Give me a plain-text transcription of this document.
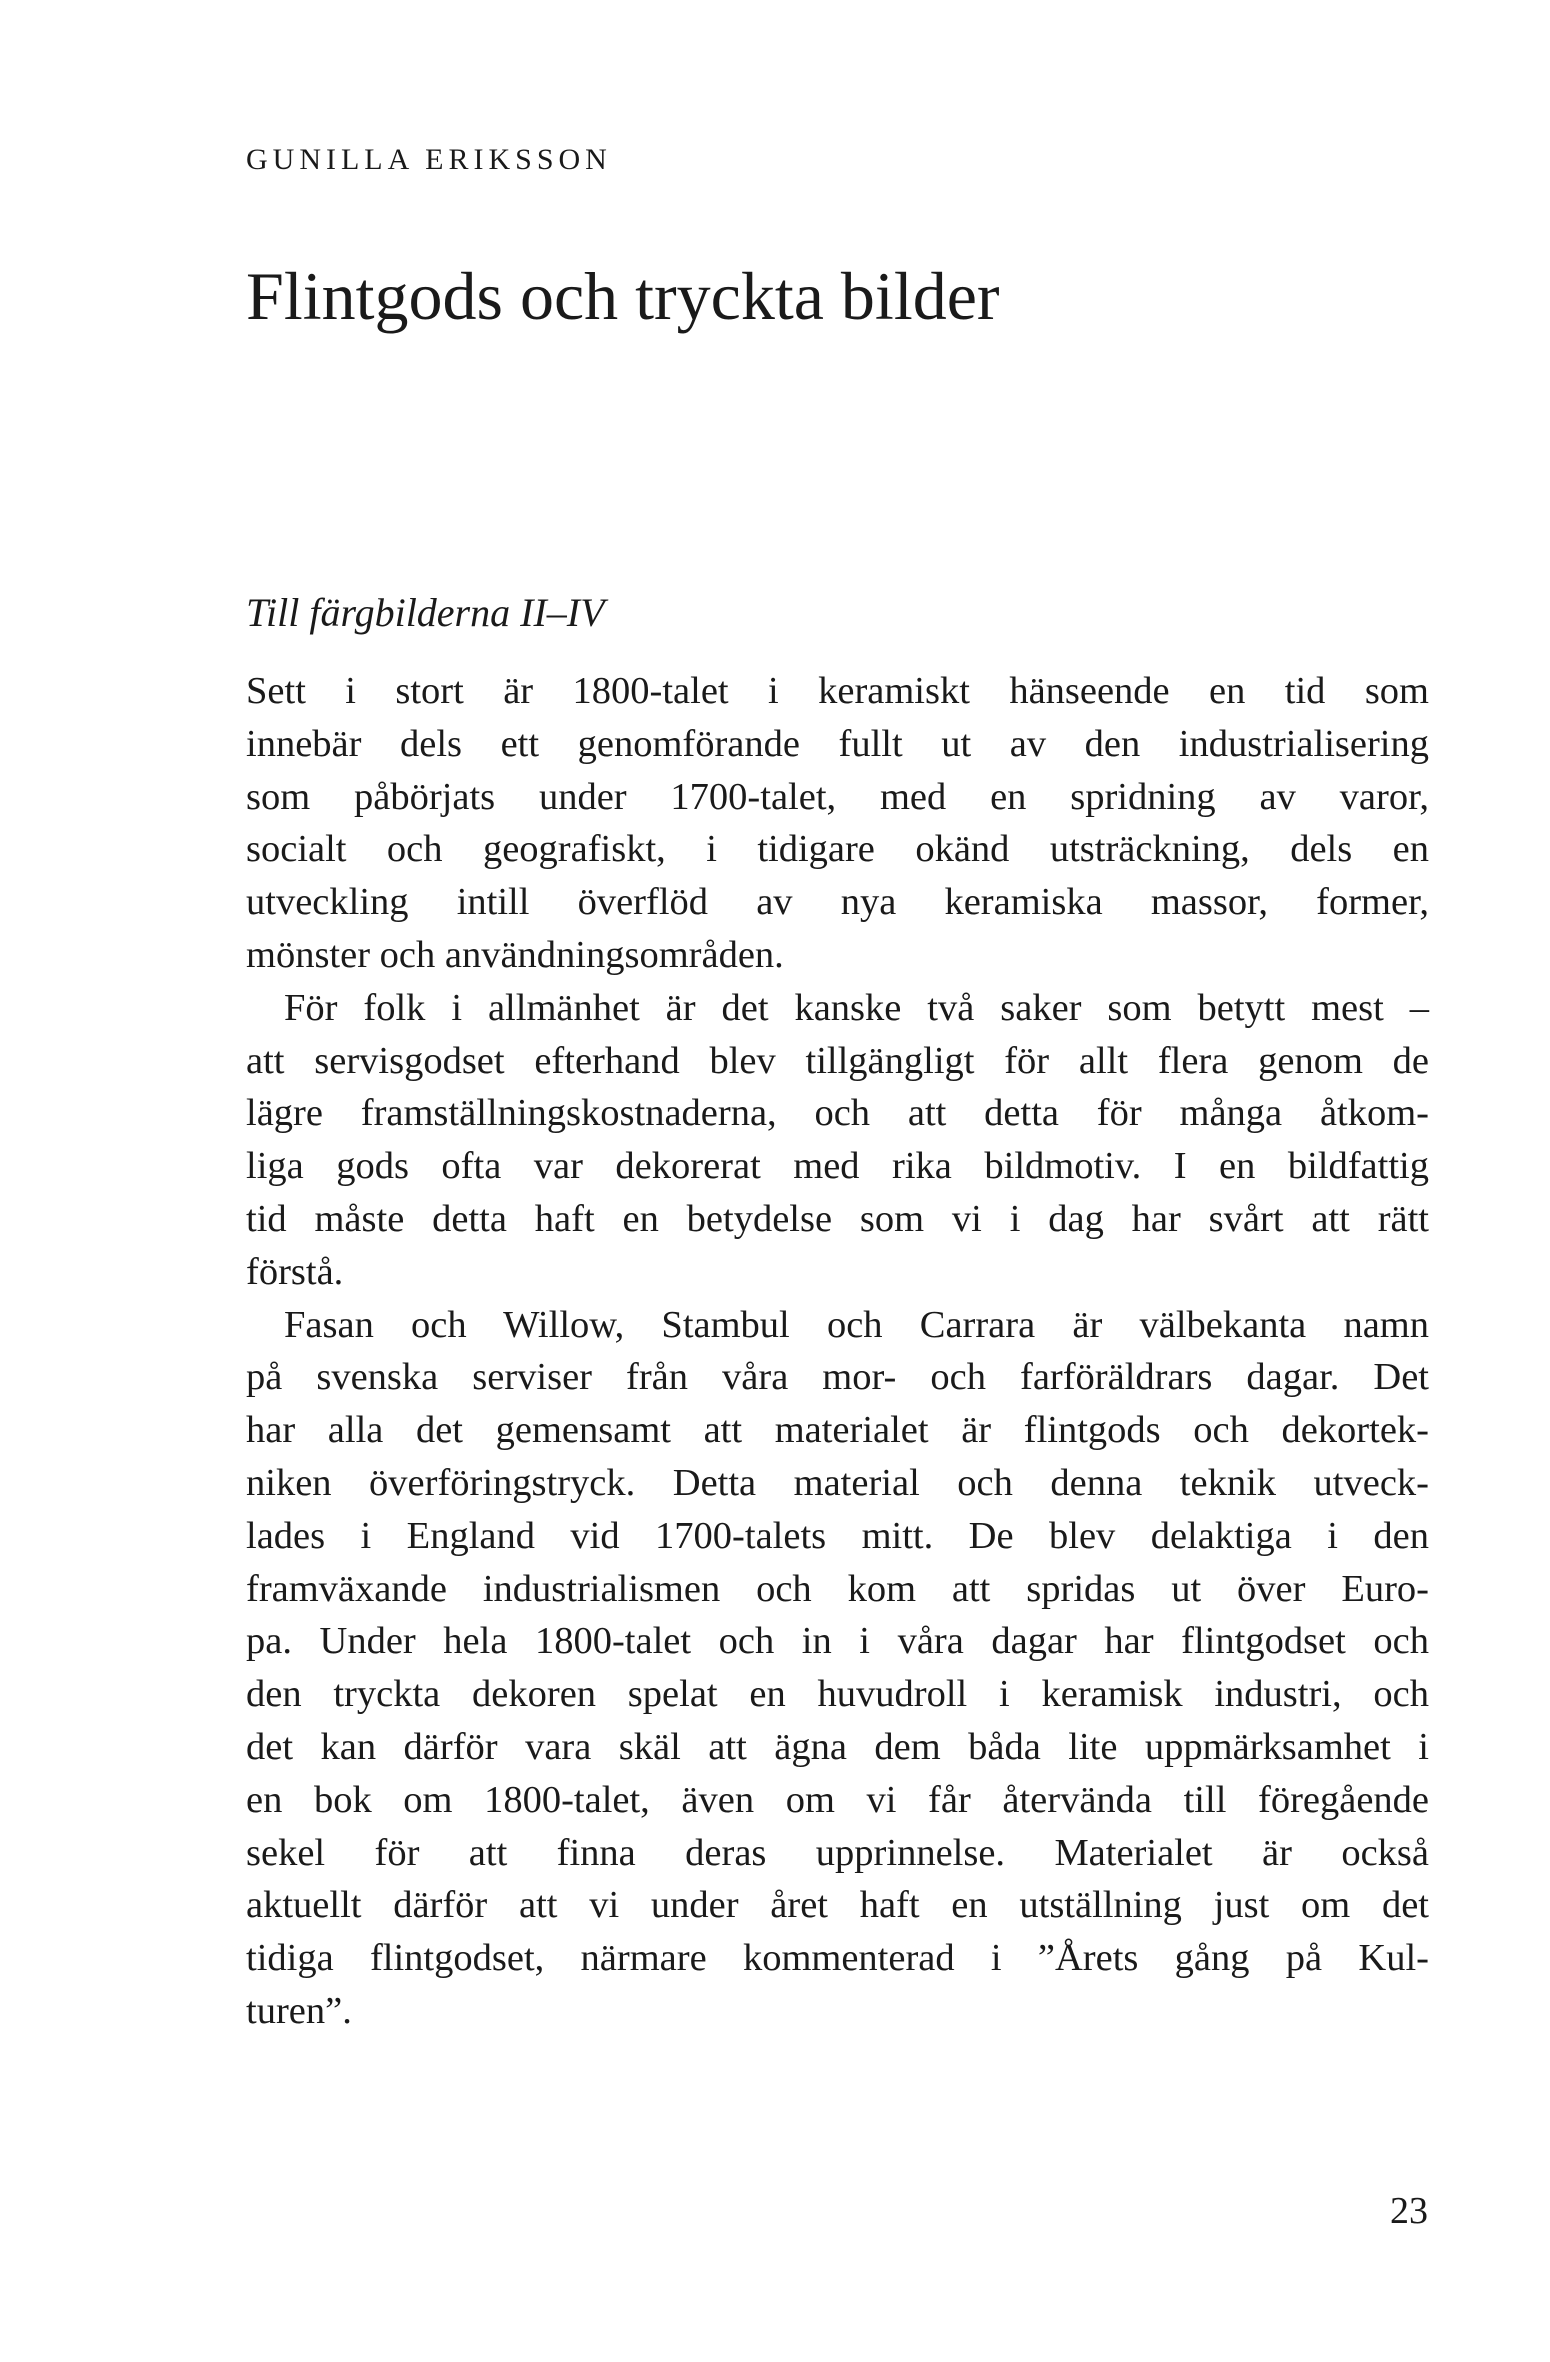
GUNILLA ERIKSSON
Flintgods och tryckta bilder
Till färgbilderna II–IV

Sett i stort är 1800-talet i keramiskt hänseende en tid som
innebär dels ett genomförande fullt ut av den industrialisering
som påbörjats under 1700-talet, med en spridning av varor,
socialt och geografiskt, i tidigare okänd utsträckning, dels en
utveckling intill överflöd av nya keramiska massor, former,
mönster och användningsområden.

För folk i allmänhet är det kanske två saker som betytt mest –
att servisgodset efterhand blev tillgängligt för allt flera genom de
lägre framställningskostnaderna, och att detta för många åtkom-
liga gods ofta var dekorerat med rika bildmotiv. I en bildfattig
tid måste detta haft en betydelse som vi i dag har svårt att rätt
förstå.

Fasan och Willow, Stambul och Carrara är välbekanta namn
på svenska serviser från våra mor- och farföräldrars dagar. Det
har alla det gemensamt att materialet är flintgods och dekortek-
niken överföringstryck. Detta material och denna teknik utveck-
lades i England vid 1700-talets mitt. De blev delaktiga i den
framväxande industrialismen och kom att spridas ut över Euro-
pa. Under hela 1800-talet och in i våra dagar har flintgodset och
den tryckta dekoren spelat en huvudroll i keramisk industri, och
det kan därför vara skäl att ägna dem båda lite uppmärksamhet i
en bok om 1800-talet, även om vi får återvända till föregående
sekel för att finna deras upprinnelse. Materialet är också
aktuellt därför att vi under året haft en utställning just om det
tidiga flintgodset, närmare kommenterad i ”Årets gång på Kul-
turen”.

23
